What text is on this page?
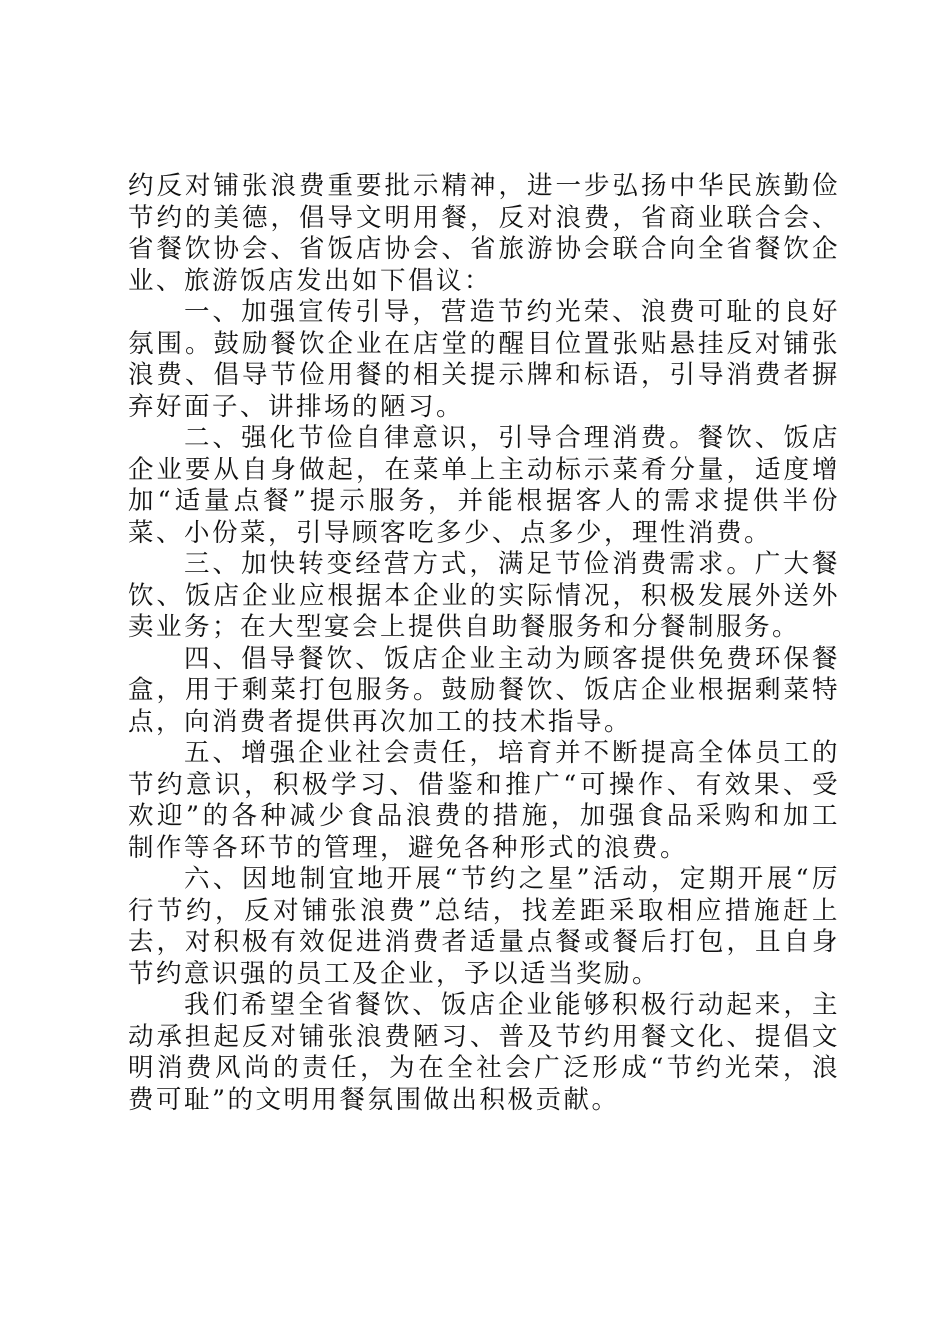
约反对铺张浪费重要批示精神，进一步弘扬中华民族勤俭节约的美德，倡导文明用餐，反对浪费，省商业联合会、省餐饮协会、省饭店协会、省旅游协会联合向全省餐饮企业、旅游饭店发出如下倡议：

一、加强宣传引导，营造节约光荣、浪费可耻的良好氛围。鼓励餐饮企业在店堂的醒目位置张贴悬挂反对铺张浪费、倡导节俭用餐的相关提示牌和标语，引导消费者摒弃好面子、讲排场的陋习。

二、强化节俭自律意识，引导合理消费。餐饮、饭店企业要从自身做起，在菜单上主动标示菜肴分量，适度增加“适量点餐”提示服务，并能根据客人的需求提供半份菜、小份菜，引导顾客吃多少、点多少，理性消费。

三、加快转变经营方式，满足节俭消费需求。广大餐饮、饭店企业应根据本企业的实际情况，积极发展外送外卖业务；在大型宴会上提供自助餐服务和分餐制服务。

四、倡导餐饮、饭店企业主动为顾客提供免费环保餐盒，用于剩菜打包服务。鼓励餐饮、饭店企业根据剩菜特点，向消费者提供再次加工的技术指导。

五、增强企业社会责任，培育并不断提高全体员工的节约意识，积极学习、借鉴和推广“可操作、有效果、受欢迎”的各种减少食品浪费的措施，加强食品采购和加工制作等各环节的管理，避免各种形式的浪费。

六、因地制宜地开展“节约之星”活动，定期开展“厉行节约，反对铺张浪费”总结，找差距采取相应措施赶上去，对积极有效促进消费者适量点餐或餐后打包，且自身节约意识强的员工及企业，予以适当奖励。

我们希望全省餐饮、饭店企业能够积极行动起来，主动承担起反对铺张浪费陋习、普及节约用餐文化、提倡文明消费风尚的责任，为在全社会广泛形成“节约光荣，浪费可耻”的文明用餐氛围做出积极贡献。
